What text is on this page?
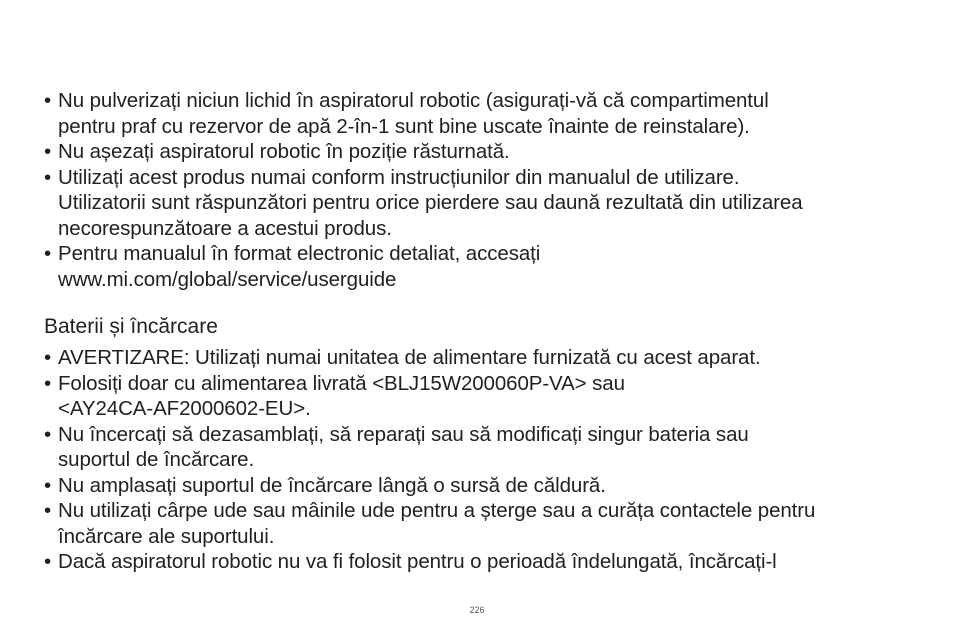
• Nu pulverizați niciun lichid în aspiratorul robotic (asigurați-vă că compartimentul
pentru praf cu rezervor de apă 2-în-1 sunt bine uscate înainte de reinstalare).
• Nu așezați aspiratorul robotic în poziție răsturnată.
• Utilizați acest produs numai conform instrucțiunilor din manualul de utilizare.
Utilizatorii sunt răspunzători pentru orice pierdere sau daună rezultată din utilizarea
necorespunzătoare a acestui produs.
• Pentru manualul în format electronic detaliat, accesați
www.mi.com/global/service/userguide
Baterii și încărcare
• AVERTIZARE: Utilizați numai unitatea de alimentare furnizată cu acest aparat.
• Folosiți doar cu alimentarea livrată <BLJ15W200060P-VA> sau
<AY24CA-AF2000602-EU>.
• Nu încercați să dezasamblați, să reparați sau să modificați singur bateria sau
suportul de încărcare.
• Nu amplasați suportul de încărcare lângă o sursă de căldură.
• Nu utilizați cârpe ude sau mâinile ude pentru a șterge sau a curăța contactele pentru
încărcare ale suportului.
• Dacă aspiratorul robotic nu va fi folosit pentru o perioadă îndelungată, încărcați-l
226
